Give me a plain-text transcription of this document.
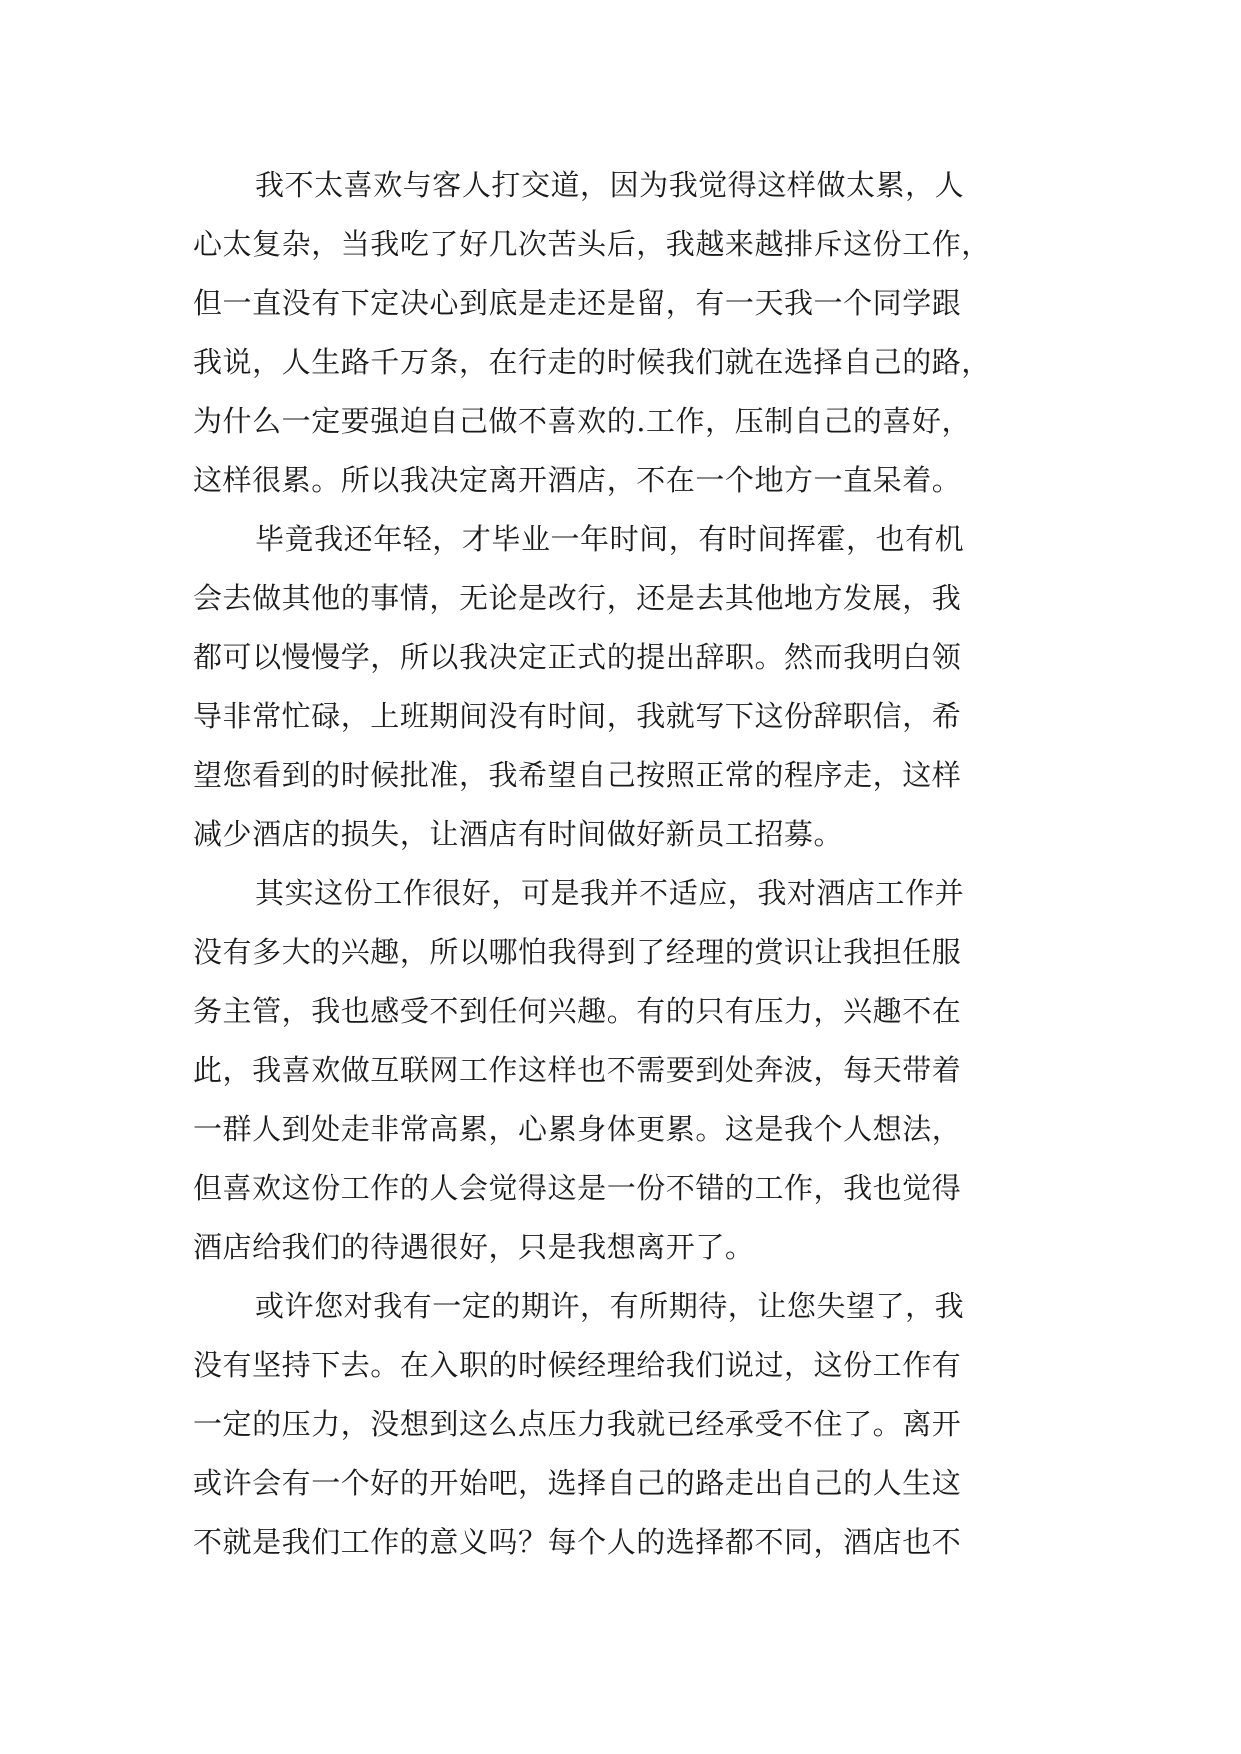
我不太喜欢与客人打交道，因为我觉得这样做太累，人
心太复杂，当我吃了好几次苦头后，我越来越排斥这份工作，
但一直没有下定决心到底是走还是留，有一天我一个同学跟
我说，人生路千万条，在行走的时候我们就在选择自己的路，
为什么一定要强迫自己做不喜欢的.工作，压制自己的喜好，
这样很累。所以我决定离开酒店，不在一个地方一直呆着。
毕竟我还年轻，才毕业一年时间，有时间挥霍，也有机
会去做其他的事情，无论是改行，还是去其他地方发展，我
都可以慢慢学，所以我决定正式的提出辞职。然而我明白领
导非常忙碌，上班期间没有时间，我就写下这份辞职信，希
望您看到的时候批准，我希望自己按照正常的程序走，这样
减少酒店的损失，让酒店有时间做好新员工招募。
其实这份工作很好，可是我并不适应，我对酒店工作并
没有多大的兴趣，所以哪怕我得到了经理的赏识让我担任服
务主管，我也感受不到任何兴趣。有的只有压力，兴趣不在
此，我喜欢做互联网工作这样也不需要到处奔波，每天带着
一群人到处走非常高累，心累身体更累。这是我个人想法，
但喜欢这份工作的人会觉得这是一份不错的工作，我也觉得
酒店给我们的待遇很好，只是我想离开了。
或许您对我有一定的期许，有所期待，让您失望了，我
没有坚持下去。在入职的时候经理给我们说过，这份工作有
一定的压力，没想到这么点压力我就已经承受不住了。离开
或许会有一个好的开始吧，选择自己的路走出自己的人生这
不就是我们工作的意义吗？每个人的选择都不同，酒店也不
